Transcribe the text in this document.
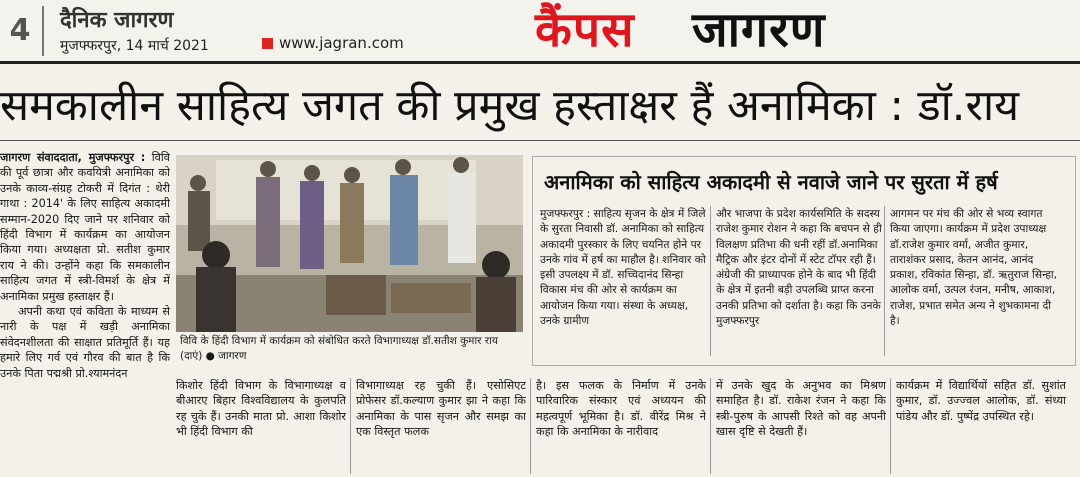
4	दैनिक जागरण
मुजफ्फरपुर, 14 मार्च 2021	www.jagran.com	कैंपस जागरण
समकालीन साहित्य जगत की प्रमुख हस्ताक्षर हैं अनामिका : डॉ.राय

जागरण संवाददाता, मुजफ्फरपुर : विवि की पूर्व छात्रा और कवयित्री अनामिका को उनके काव्य-संग्रह टोकरी में दिगंत : थेरी गाथा : 2014' के लिए साहित्य अकादमी सम्मान-2020 दिए जाने पर शनिवार को हिंदी विभाग में कार्यक्रम का आयोजन किया गया। अध्यक्षता प्रो. सतीश कुमार राय ने की। उन्होंने कहा कि समकालीन साहित्य जगत में स्त्री-विमर्श के क्षेत्र में अनामिका प्रमुख हस्ताक्षर हैं।

अपनी कथा एवं कविता के माध्यम से नारी के पक्ष में खड़ी अनामिका संवेदनशीलता की साक्षात प्रतिमूर्ति हैं। यह हमारे लिए गर्व एवं गौरव की बात है कि उनके पिता पद्मश्री प्रो.श्यामनंदन

विवि के हिंदी विभाग में कार्यक्रम को संबोधित करते विभागाध्यक्ष डॉ.सतीश कुमार राय (दाएं) ● जागरण
अनामिका को साहित्य अकादमी से नवाजे जाने पर सुरता में हर्ष
मुजफ्फरपुर : साहित्य सृजन के क्षेत्र में जिले के सुरता निवासी डॉ. अनामिका को साहित्य अकादमी पुरस्कार के लिए चयनित होने पर उनके गांव में हर्ष का माहौल है। शनिवार को इसी उपलक्ष्य में डॉ. सच्चिदानंद सिन्हा विकास मंच की ओर से कार्यक्रम का आयोजन किया गया। संस्था के अध्यक्ष, उनके ग्रामीण
और भाजपा के प्रदेश कार्यसमिति के सदस्य राजेश कुमार रोशन ने कहा कि बचपन से ही विलक्षण प्रतिभा की धनी रहीं डॉ.अनामिका मैट्रिक और इंटर दोनों में स्टेट टॉपर रही हैं। अंग्रेजी की प्राध्यापक होने के बाद भी हिंदी के क्षेत्र में इतनी बड़ी उपलब्धि प्राप्त करना उनकी प्रतिभा को दर्शाता है। कहा कि उनके मुजफ्फरपुर
आगमन पर मंच की ओर से भव्य स्वागत किया जाएगा। कार्यक्रम में प्रदेश उपाध्यक्ष डॉ.राजेश कुमार वर्मा, अजीत कुमार, ताराशंकर प्रसाद, केतन आनंद, आनंद प्रकाश, रविकांत सिन्हा, डॉ. ऋतुराज सिन्हा, आलोक वर्मा, उत्पल रंजन, मनीष, आकाश, राजेश, प्रभात समेत अन्य ने शुभकामना दी है।
किशोर हिंदी विभाग के विभागाध्यक्ष व बीआरए बिहार विश्वविद्यालय के कुलपति रह चुके हैं। उनकी माता प्रो. आशा किशोर भी हिंदी विभाग की
विभागाध्यक्ष रह चुकी हैं। एसोसिएट प्रोफेसर डॉ.कल्याण कुमार झा ने कहा कि अनामिका के पास सृजन और समझ का एक विस्तृत फलक
है। इस फलक के निर्माण में उनके पारिवारिक संस्कार एवं अध्ययन की महत्वपूर्ण भूमिका है। डॉ. वीरेंद्र मिश्र ने कहा कि अनामिका के नारीवाद
में उनके खुद के अनुभव का मिश्रण समाहित है। डॉ. राकेश रंजन ने कहा कि स्त्री-पुरुष के आपसी रिश्ते को वह अपनी खास दृष्टि से देखती हैं।
कार्यक्रम में विद्यार्थियों सहित डॉ. सुशांत कुमार, डॉ. उज्ज्वल आलोक, डॉ. संध्या पांडेय और डॉ. पुष्पेंद्र उपस्थित रहे।
